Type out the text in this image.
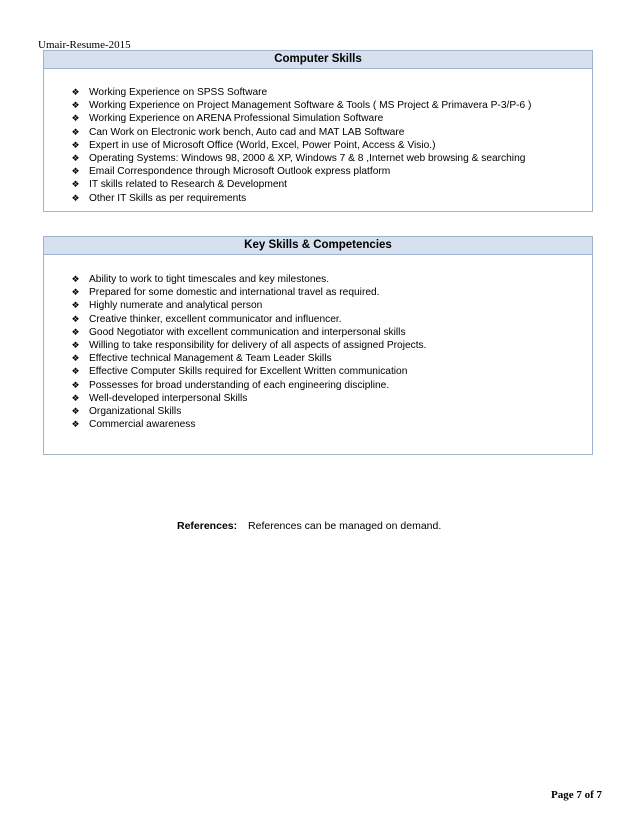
Umair-Resume-2015
Computer Skills
❖ Working Experience on SPSS Software
❖ Working Experience on Project Management Software & Tools ( MS Project & Primavera P-3/P-6 )
❖ Working Experience on ARENA Professional Simulation Software
❖ Can Work on Electronic work bench, Auto cad and MAT LAB Software
❖ Expert in use of Microsoft Office (World, Excel, Power Point, Access & Visio.)
❖ Operating Systems: Windows 98, 2000 & XP, Windows 7 & 8 ,Internet web browsing & searching
❖ Email Correspondence through Microsoft Outlook express platform
❖ IT skills related to Research & Development
❖ Other IT Skills as per requirements
Key Skills & Competencies
❖ Ability to work to tight timescales and key milestones.
❖ Prepared for some domestic and international travel as required.
❖ Highly numerate and analytical person
❖ Creative thinker, excellent communicator and influencer.
❖ Good Negotiator with excellent communication and interpersonal skills
❖ Willing to take responsibility for delivery of all aspects of assigned Projects.
❖ Effective technical Management & Team Leader Skills
❖ Effective Computer Skills required for Excellent Written communication
❖ Possesses for broad understanding of each engineering discipline.
❖ Well-developed interpersonal Skills
❖ Organizational Skills
❖ Commercial awareness
References: References can be managed on demand.
Page 7 of 7
